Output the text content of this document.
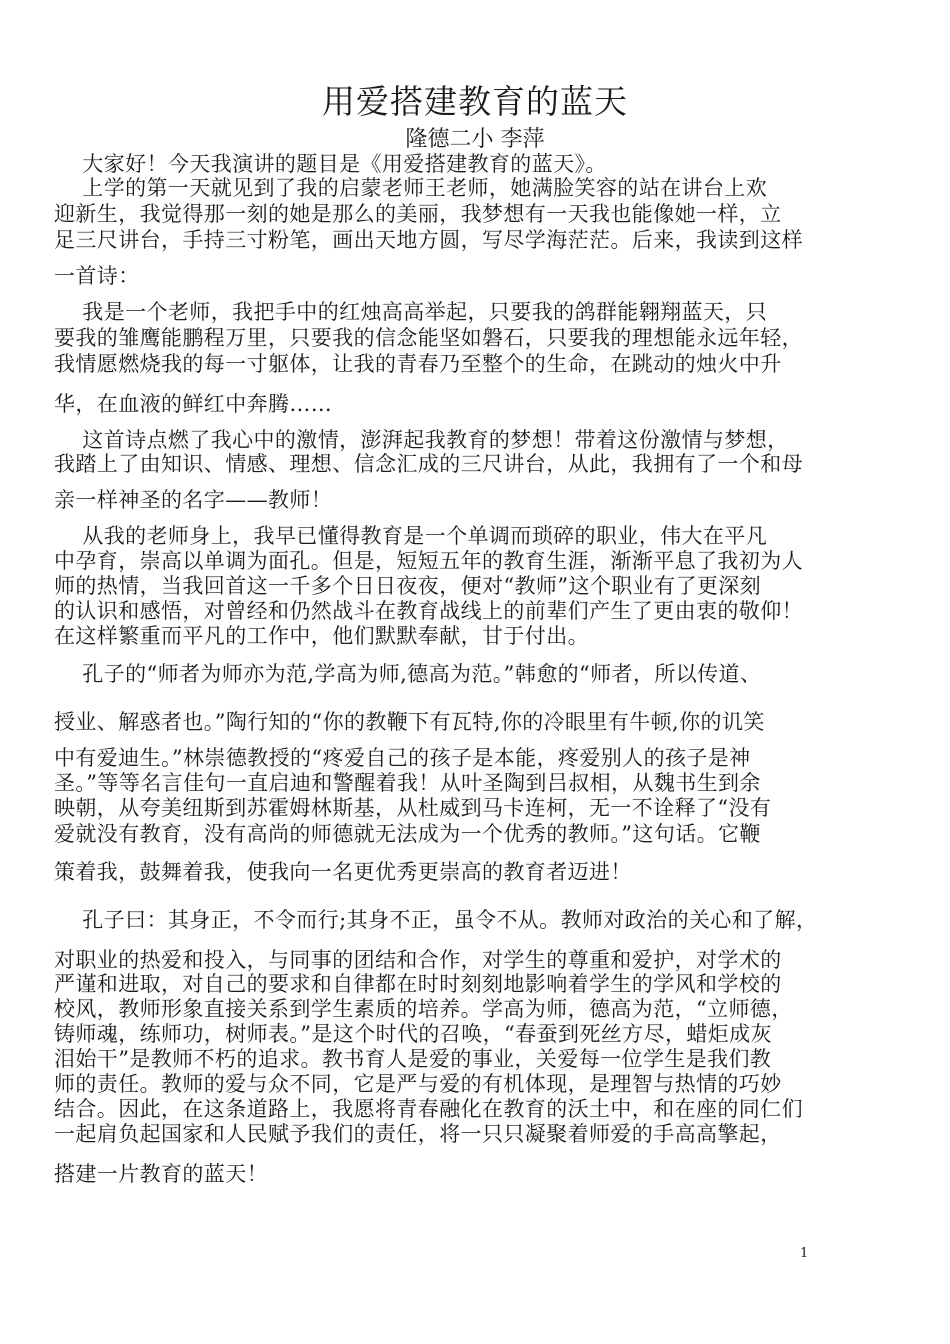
用爱搭建教育的蓝天
隆德二小 李萍
大家好！今天我演讲的题目是《用爱搭建教育的蓝天》。
上学的第一天就见到了我的启蒙老师王老师，她满脸笑容的站在讲台上欢
迎新生，我觉得那一刻的她是那么的美丽，我梦想有一天我也能像她一样，立
足三尺讲台，手持三寸粉笔，画出天地方圆，写尽学海茫茫。后来，我读到这样
一首诗：
我是一个老师，我把手中的红烛高高举起，只要我的鸽群能翱翔蓝天，只
要我的雏鹰能鹏程万里，只要我的信念能坚如磐石，只要我的理想能永远年轻，
我情愿燃烧我的每一寸躯体，让我的青春乃至整个的生命，在跳动的烛火中升
华，在血液的鲜红中奔腾……
这首诗点燃了我心中的激情，澎湃起我教育的梦想！带着这份激情与梦想，
我踏上了由知识、情感、理想、信念汇成的三尺讲台，从此，我拥有了一个和母
亲一样神圣的名字——教师！
从我的老师身上，我早已懂得教育是一个单调而琐碎的职业，伟大在平凡
中孕育，崇高以单调为面孔。但是，短短五年的教育生涯，渐渐平息了我初为人
师的热情，当我回首这一千多个日日夜夜，便对“教师”这个职业有了更深刻
的认识和感悟，对曾经和仍然战斗在教育战线上的前辈们产生了更由衷的敬仰！
在这样繁重而平凡的工作中，他们默默奉献，甘于付出。
孔子的“师者为师亦为范,学高为师,德高为范。”韩愈的“师者，所以传道、
授业、解惑者也。”陶行知的“你的教鞭下有瓦特,你的冷眼里有牛顿,你的讥笑
中有爱迪生。”林崇德教授的“疼爱自己的孩子是本能，疼爱别人的孩子是神
圣。”等等名言佳句一直启迪和警醒着我！从叶圣陶到吕叔相，从魏书生到余
映朝，从夸美纽斯到苏霍姆林斯基，从杜威到马卡连柯，无一不诠释了“没有
爱就没有教育，没有高尚的师德就无法成为一个优秀的教师。”这句话。它鞭
策着我，鼓舞着我，使我向一名更优秀更崇高的教育者迈进！
孔子曰：其身正，不令而行;其身不正，虽令不从。教师对政治的关心和了解，
对职业的热爱和投入，与同事的团结和合作，对学生的尊重和爱护，对学术的
严谨和进取，对自己的要求和自律都在时时刻刻地影响着学生的学风和学校的
校风，教师形象直接关系到学生素质的培养。学高为师，德高为范，“立师德，
铸师魂，练师功，树师表。”是这个时代的召唤，“春蚕到死丝方尽，蜡炬成灰
泪始干”是教师不朽的追求。教书育人是爱的事业，关爱每一位学生是我们教
师的责任。教师的爱与众不同，它是严与爱的有机体现，是理智与热情的巧妙
结合。因此，在这条道路上，我愿将青春融化在教育的沃土中，和在座的同仁们
一起肩负起国家和人民赋予我们的责任，将一只只凝聚着师爱的手高高擎起，
搭建一片教育的蓝天！
1
